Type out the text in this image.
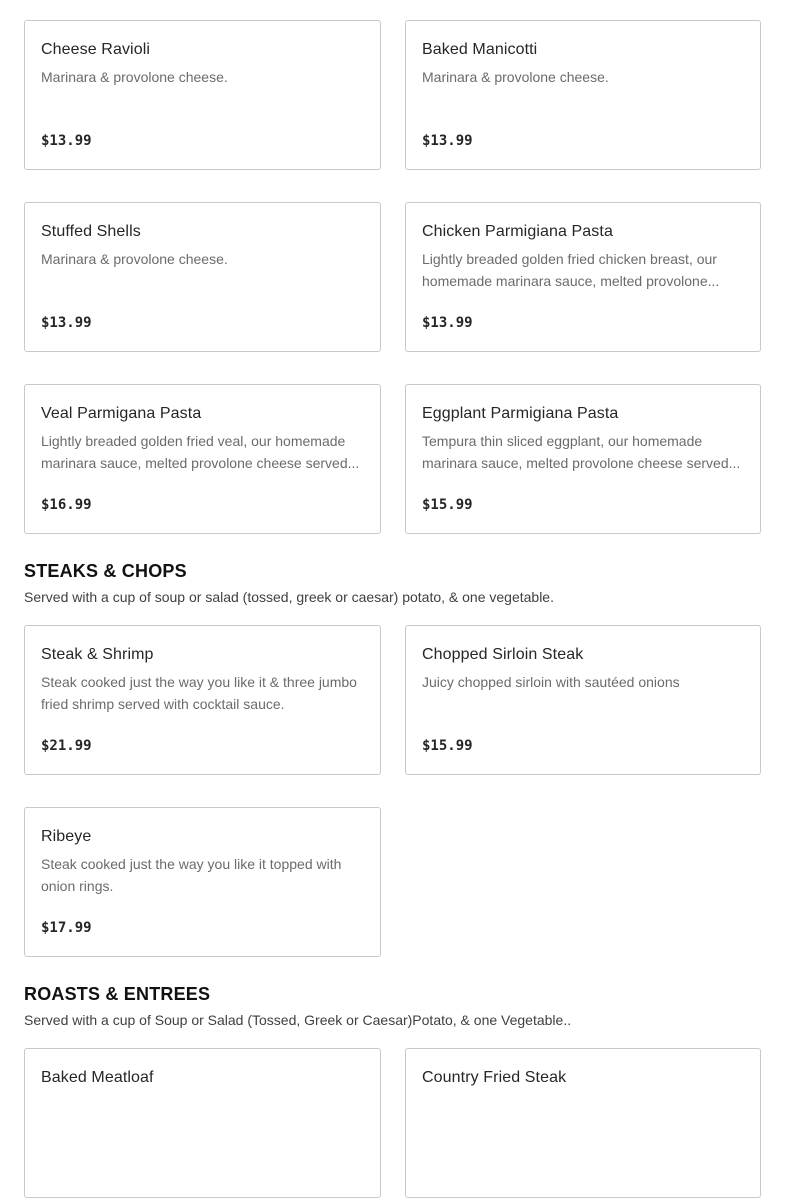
Cheese Ravioli
Marinara & provolone cheese.
$13.99
Baked Manicotti
Marinara & provolone cheese.
$13.99
Stuffed Shells
Marinara & provolone cheese.
$13.99
Chicken Parmigiana Pasta
Lightly breaded golden fried chicken breast, our homemade marinara sauce, melted provolone...
$13.99
Veal Parmigana Pasta
Lightly breaded golden fried veal, our homemade marinara sauce, melted provolone cheese served...
$16.99
Eggplant Parmigiana Pasta
Tempura thin sliced eggplant, our homemade marinara sauce, melted provolone cheese served...
$15.99
STEAKS & CHOPS
Served with a cup of soup or salad (tossed, greek or caesar) potato, & one vegetable.
Steak & Shrimp
Steak cooked just the way you like it & three jumbo fried shrimp served with cocktail sauce.
$21.99
Chopped Sirloin Steak
Juicy chopped sirloin with sautéed onions
$15.99
Ribeye
Steak cooked just the way you like it topped with onion rings.
$17.99
ROASTS & ENTREES
Served with a cup of Soup or Salad (Tossed, Greek or Caesar)Potato, & one Vegetable..
Baked Meatloaf	Country Fried Steak
